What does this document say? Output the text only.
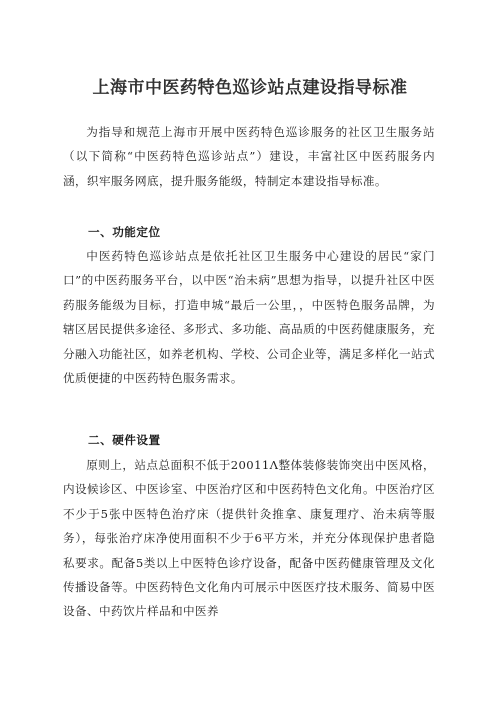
上海市中医药特色巡诊站点建设指导标准

为指导和规范上海市开展中医药特色巡诊服务的社区卫生服务站（以下简称“中医药特色巡诊站点”）建设，丰富社区中医药服务内涵，织牢服务网底，提升服务能级，特制定本建设指导标准。

一、功能定位

中医药特色巡诊站点是依托社区卫生服务中心建设的居民“家门口”的中医药服务平台，以中医“治未病”思想为指导，以提升社区中医药服务能级为目标，打造申城“最后一公里，，中医特色服务品牌，为辖区居民提供多途径、多形式、多功能、高品质的中医药健康服务，充分融入功能社区，如养老机构、学校、公司企业等，满足多样化一站式优质便捷的中医药特色服务需求。

二、硬件设置

原则上，站点总面积不低于20011Λ整体装修装饰突出中医风格，内设候诊区、中医诊室、中医治疗区和中医药特色文化角。中医治疗区不少于5张中医特色治疗床（提供针灸推拿、康复理疗、治未病等服务），每张治疗床净使用面积不少于6平方米，并充分体现保护患者隐私要求。配备5类以上中医特色诊疗设备，配备中医药健康管理及文化传播设备等。中医药特色文化角内可展示中医医疗技术服务、简易中医设备、中药饮片样品和中医养
